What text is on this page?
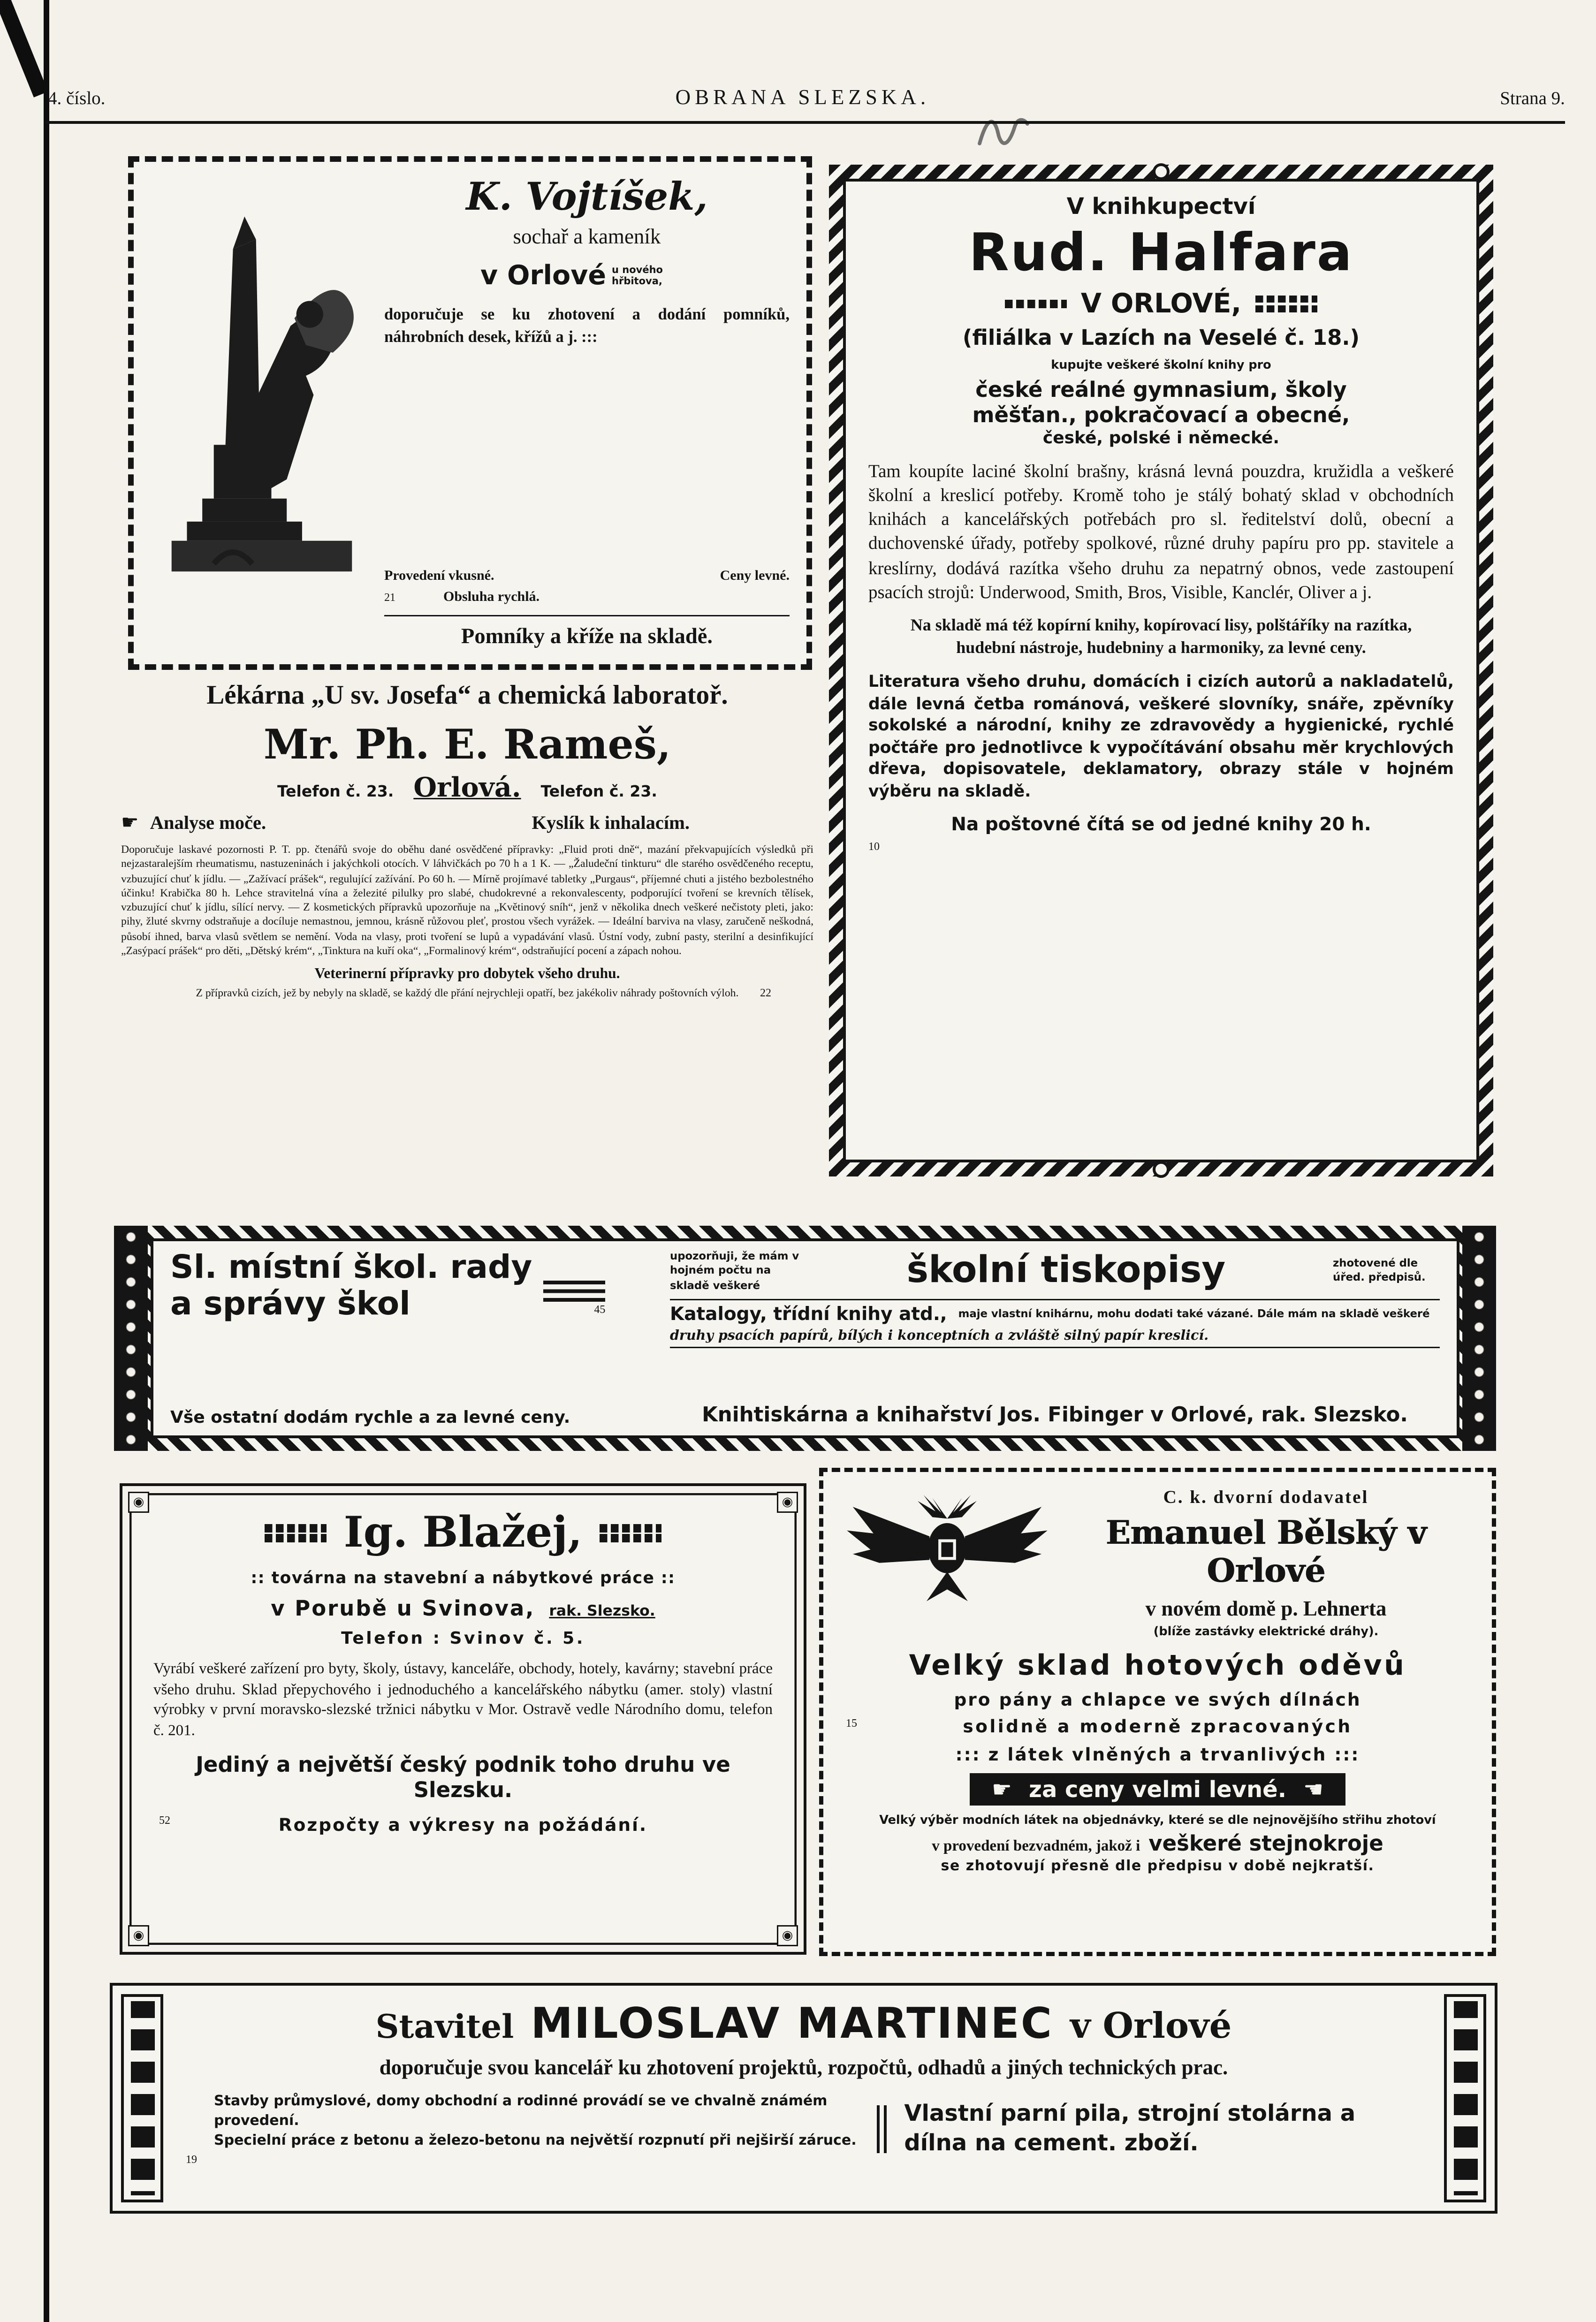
4. číslo.	OBRANA SLEZSKA.	Strana 9.
K. Vojtíšek,
sochař a kameník
v Orlové u nového hřbitova,
doporučuje se ku zhotovení a dodání pomníků, náhrobních desek, křížů a j. :::
Provedení vkusné.	Ceny levné.
21	Obsluha rychlá.
Pomníky a kříže na skladě.
Lékárna „U sv. Josefa“ a chemická laboratoř.
Mr. Ph. E. Rameš,
Telefon č. 23. Orlová.	Telefon č. 23.
☛ Analyse moče.	Kyslík k inhalacím.
Doporučuje laskavé pozornosti P. T. pp. čtenářů svoje do oběhu dané osvědčené přípravky: „Fluid proti dně“, mazání překvapujících výsledků při nejzastaralejším rheumatismu, nastuzeninách i jakýchkoli otocích. V láhvičkách po 70 h a 1 K. — „Žaludeční tinkturu“ dle starého osvědčeného receptu, vzbuzující chuť k jídlu. — „Zažívací prášek“, regulující zažívání. Po 60 h. — Mírně projímavé tabletky „Purgaus“, příjemné chuti a jistého bezbolestného účinku! Krabička 80 h. Lehce stravitelná vína a železité pilulky pro slabé, chudokrevné a rekonvalescenty, podporující tvoření se krevních tělísek, vzbuzující chuť k jídlu, sílící nervy. — Z kosmetických přípravků upozorňuje na „Květinový sníh“, jenž v několika dnech veškeré nečistoty pleti, jako: pihy, žluté skvrny odstraňuje a docíluje nemastnou, jemnou, krásně růžovou pleť, prostou všech vyrážek. — Ideální barviva na vlasy, zaručeně neškodná, působí ihned, barva vlasů světlem se nemění. Voda na vlasy, proti tvoření se lupů a vypadávání vlasů. Ústní vody, zubní pasty, sterilní a desinfikující „Zasýpací prášek“ pro děti, „Dětský krém“, „Tinktura na kuří oka“, „Formalinový krém“, odstraňující pocení a zápach nohou.
Veterinerní přípravky pro dobytek všeho druhu.
Z přípravků cizích, jež by nebyly na skladě, se každý dle přání nejrychleji opatří, bez jakékoliv náhrady poštovních výloh.	22
V knihkupectví
Rud. Halfara
V ORLOVÉ,
(filiálka v Lazích na Veselé č. 18.)
kupujte veškeré školní knihy pro
české reálné gymnasium, školy
měšťan., pokračovací a obecné,
české, polské i německé.
Tam koupíte laciné školní brašny, krásná levná pouzdra, kružidla a veškeré školní a kreslicí potřeby. Kromě toho je stálý bohatý sklad v obchodních knihách a kancelářských potřebách pro sl. ředitelství dolů, obecní a duchovenské úřady, potřeby spolkové, různé druhy papíru pro pp. stavitele a kreslírny, dodává razítka všeho druhu za nepatrný obnos, vede zastoupení psacích strojů: Underwood, Smith, Bros, Visible, Kanclér, Oliver a j.
Na skladě má též kopírní knihy, kopírovací lisy, polštáříky na razítka, hudební nástroje, hudebniny a harmoniky, za levné ceny.
Literatura všeho druhu, domácích i cizích autorů a nakladatelů, dále levná četba románová, veškeré slovníky, snáře, zpěvníky sokolské a národní, knihy ze zdravovědy a hygienické, rychlé počtáře pro jednotlivce k vypočítávání obsahu měr krychlových dřeva, dopisovatele, deklamatory, obrazy stále v hojném výběru na skladě.
Na poštovné čítá se od jedné knihy 20 h.
10
Sl. místní škol. rady
a správy škol	45
Vše ostatní dodám rychle a za levné ceny.
upozorňuji, že mám v hojném počtu na skladě veškeré	školní tiskopisy	zhotovené dle úřed. předpisů.
Katalogy, třídní knihy atd.,	maje vlastní knihárnu, mohu dodati také vázané. Dále mám na skladě veškeré
druhy psacích papírů, bílých i konceptních a zvláště silný papír kreslicí.
Knihtiskárna a knihařství Jos. Fibinger v Orlové, rak. Slezsko.
◉	◉
◉	◉
Ig. Blažej,
:: továrna na stavební a nábytkové práce ::
v Porubě u Svinova,	rak. Slezsko.
Telefon : Svinov č. 5.
Vyrábí veškeré zařízení pro byty, školy, ústavy, kanceláře, obchody, hotely, kavárny; stavební práce všeho druhu. Sklad přepychového i jednoduchého a kancelářského nábytku (amer. stoly) vlastní výrobky v první moravsko-slezské tržnici nábytku v Mor. Ostravě vedle Národního domu, telefon č. 201.
Jediný a největší český podnik toho druhu ve Slezsku.
52	Rozpočty a výkresy na požádání.
C. k. dvorní dodavatel
Emanuel Bělský v Orlové
v novém domě p. Lehnerta
(blíže zastávky elektrické dráhy).
Velký sklad hotových oděvů
pro pány a chlapce ve svých dílnách
15	solidně a moderně zpracovaných
::: z látek vlněných a trvanlivých :::
☛ za ceny velmi levné. ☚
Velký výběr modních látek na objednávky, které se dle nejnovějšího střihu zhotoví
v provedení bezvadném, jakož i veškeré stejnokroje
se zhotovují přesně dle předpisu v době nejkratší.
Stavitel MILOSLAV MARTINEC v Orlové
doporučuje svou kancelář ku zhotovení projektů, rozpočtů, odhadů a jiných technických prac.
Stavby průmyslové, domy obchodní a rodinné provádí se ve chvalně známém provedení.
Specielní práce z betonu a železo-betonu na největší rozpnutí při nejširší záruce.
19
Vlastní parní pila, strojní stolárna a dílna na cement. zboží.
